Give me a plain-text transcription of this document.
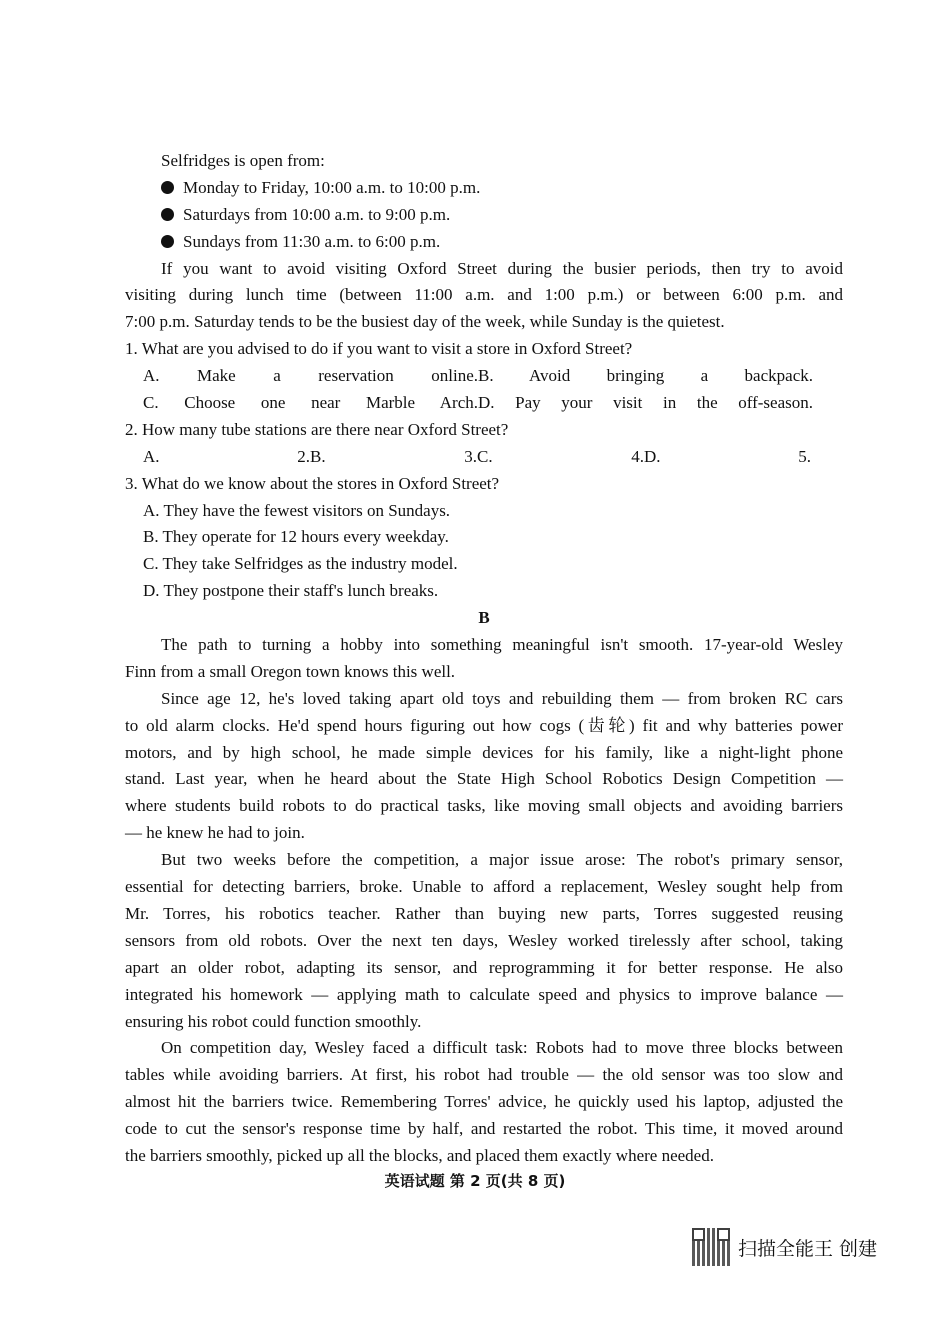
Selfridges is open from:
Monday to Friday, 10:00 a.m. to 10:00 p.m.
Saturdays from 10:00 a.m. to 9:00 p.m.
Sundays from 11:30 a.m. to 6:00 p.m.
If you want to avoid visiting Oxford Street during the busier periods, then try to avoid
visiting during lunch time (between 11:00 a.m. and 1:00 p.m.) or between 6:00 p.m. and
7:00 p.m. Saturday tends to be the busiest day of the week, while Sunday is the quietest.
1. What are you advised to do if you want to visit a store in Oxford Street?
A. Make a reservation online. B. Avoid bringing a backpack.
C. Choose one near Marble Arch. D. Pay your visit in the off-season.
2. How many tube stations are there near Oxford Street?
A. 2. B. 3. C. 4. D. 5.
3. What do we know about the stores in Oxford Street?
A. They have the fewest visitors on Sundays.
B. They operate for 12 hours every weekday.
C. They take Selfridges as the industry model.
D. They postpone their staff's lunch breaks.
B
The path to turning a hobby into something meaningful isn't smooth. 17-year-old Wesley
Finn from a small Oregon town knows this well.
Since age 12, he's loved taking apart old toys and rebuilding them — from broken RC cars
to old alarm clocks. He'd spend hours figuring out how cogs (齿轮) fit and why batteries power
motors, and by high school, he made simple devices for his family, like a night-light phone
stand. Last year, when he heard about the State High School Robotics Design Competition —
where students build robots to do practical tasks, like moving small objects and avoiding barriers
— he knew he had to join.
But two weeks before the competition, a major issue arose: The robot's primary sensor,
essential for detecting barriers, broke. Unable to afford a replacement, Wesley sought help from
Mr. Torres, his robotics teacher. Rather than buying new parts, Torres suggested reusing
sensors from old robots. Over the next ten days, Wesley worked tirelessly after school, taking
apart an older robot, adapting its sensor, and reprogramming it for better response. He also
integrated his homework — applying math to calculate speed and physics to improve balance —
ensuring his robot could function smoothly.
On competition day, Wesley faced a difficult task: Robots had to move three blocks between
tables while avoiding barriers. At first, his robot had trouble — the old sensor was too slow and
almost hit the barriers twice. Remembering Torres' advice, he quickly used his laptop, adjusted the
code to cut the sensor's response time by half, and restarted the robot. This time, it moved around
the barriers smoothly, picked up all the blocks, and placed them exactly where needed.
英语试题 第 2 页(共 8 页)
扫描全能王 创建
